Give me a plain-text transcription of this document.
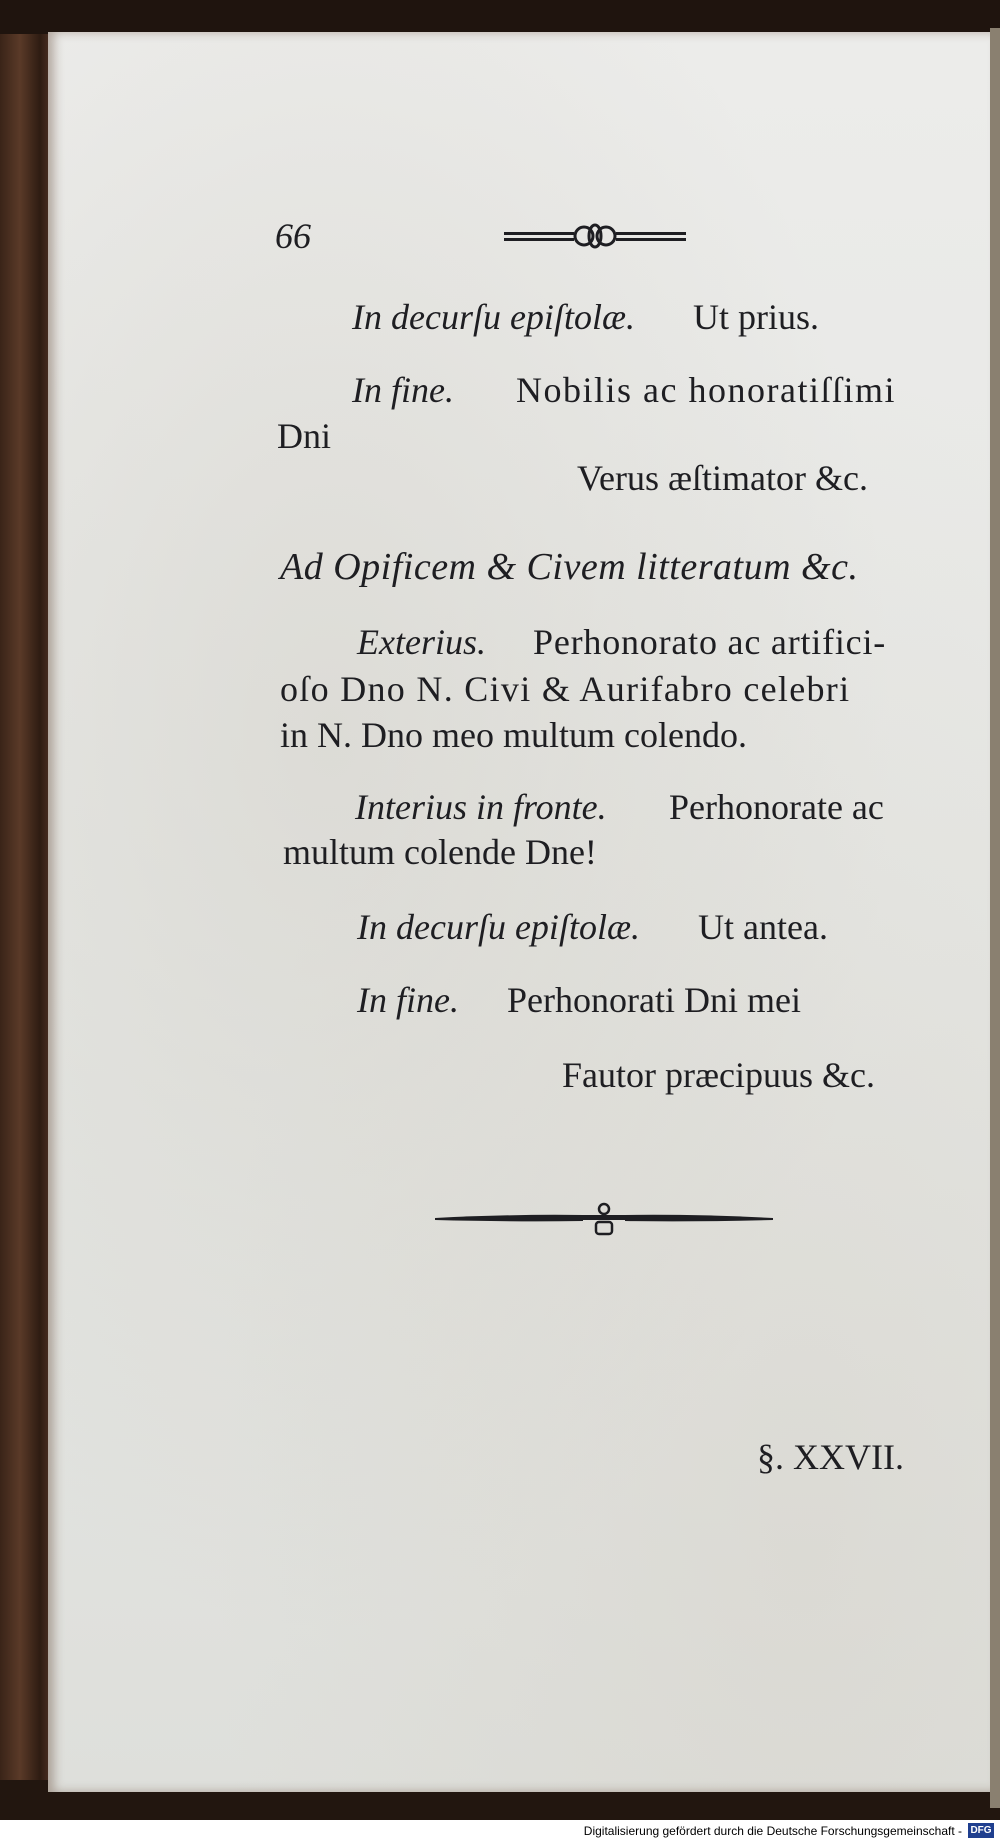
66
In decurſu epiſtolæ. Ut prius.
In fine. Nobilis ac honoratiſſimi
Dni
Verus æſtimator &c.
Ad Opificem & Civem litteratum &c.
Exterius. Perhonorato ac artifici-
oſo Dno N. Civi & Aurifabro celebri
in N. Dno meo multum colendo.
Interius in fronte. Perhonorate ac
multum colende Dne!
In decurſu epiſtolæ. Ut antea.
In fine. Perhonorati Dni mei
Fautor præcipuus &c.
§. XXVII.
Digitalisierung gefördert durch die Deutsche Forschungsgemeinschaft - DFG
